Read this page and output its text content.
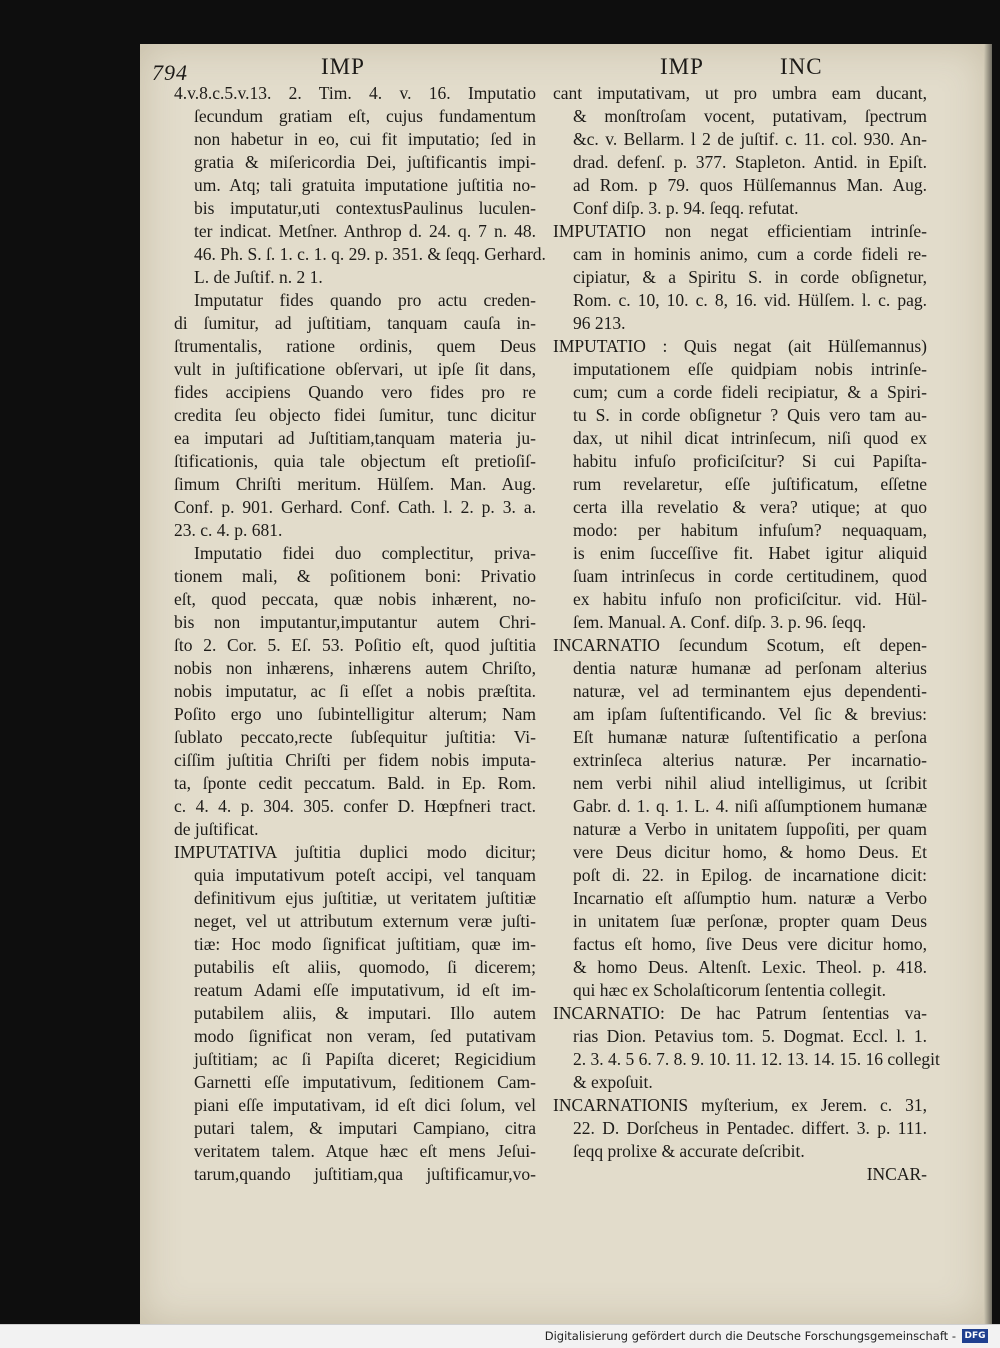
794	IMP	IMP	INC
4.v.8.c.5.v.13. 2. Tim. 4. v. 16. Imputatio
ſecundum gratiam eſt, cujus fundamentum
non habetur in eo, cui fit imputatio; ſed in
gratia & miſericordia Dei, juſtificantis impi-
um. Atq; tali gratuita imputatione juſtitia no-
bis imputatur,uti contextusPaulinus luculen-
ter indicat. Metſner. Anthrop d. 24. q. 7 n. 48.
46. Ph. S. ſ. 1. c. 1. q. 29. p. 351. & ſeqq. Gerhard.
L. de Juſtif. n. 2 1.
Imputatur fides quando pro actu creden-
di ſumitur, ad juſtitiam, tanquam cauſa in-
ſtrumentalis, ratione ordinis, quem Deus
vult in juſtificatione obſervari, ut ipſe ſit dans,
fides accipiens Quando vero fides pro re
credita ſeu objecto fidei ſumitur, tunc dicitur
ea imputari ad Juſtitiam,tanquam materia ju-
ſtificationis, quia tale objectum eſt pretioſiſ-
ſimum Chriſti meritum. Hülſem. Man. Aug.
Conf. p. 901. Gerhard. Conf. Cath. l. 2. p. 3. a.
23. c. 4. p. 681.
Imputatio fidei duo complectitur, priva-
tionem mali, & poſitionem boni: Privatio
eſt, quod peccata, quæ nobis inhærent, no-
bis non imputantur,imputantur autem Chri-
ſto 2. Cor. 5. Eſ. 53. Poſitio eſt, quod juſtitia
nobis non inhærens, inhærens autem Chriſto,
nobis imputatur, ac ſi eſſet a nobis præſtita.
Poſito ergo uno ſubintelligitur alterum; Nam
ſublato peccato,recte ſubſequitur juſtitia: Vi-
ciſſim juſtitia Chriſti per fidem nobis imputa-
ta, ſponte cedit peccatum. Bald. in Ep. Rom.
c. 4. 4. p. 304. 305. confer D. Hœpfneri tract.
de juſtificat.
IMPUTATIVA juſtitia duplici modo dicitur;
quia imputativum poteſt accipi, vel tanquam
definitivum ejus juſtitiæ, ut veritatem juſtitiæ
neget, vel ut attributum externum veræ juſti-
tiæ: Hoc modo ſignificat juſtitiam, quæ im-
putabilis eſt aliis, quomodo, ſi dicerem;
reatum Adami eſſe imputativum, id eſt im-
putabilem aliis, & imputari. Illo autem
modo ſignificat non veram, ſed putativam
juſtitiam; ac ſi Papiſta diceret; Regicidium
Garnetti eſſe imputativum, ſeditionem Cam-
piani eſſe imputativam, id eſt dici ſolum, vel
putari talem, & imputari Campiano, citra
veritatem talem. Atque hæc eſt mens Jeſui-
tarum,quando juſtitiam,qua juſtificamur,vo-
cant imputativam, ut pro umbra eam ducant,
& monſtroſam vocent, putativam, ſpectrum
&c. v. Bellarm. l 2 de juſtif. c. 11. col. 930. An-
drad. defenſ. p. 377. Stapleton. Antid. in Epiſt.
ad Rom. p 79. quos Hülſemannus Man. Aug.
Conf diſp. 3. p. 94. ſeqq. refutat.
IMPUTATIO non negat efficientiam intrinſe-
cam in hominis animo, cum a corde fideli re-
cipiatur, & a Spiritu S. in corde obſignetur,
Rom. c. 10, 10. c. 8, 16. vid. Hülſem. l. c. pag.
96 213.
IMPUTATIO : Quis negat (ait Hülſemannus)
imputationem eſſe quidpiam nobis intrinſe-
cum; cum a corde fideli recipiatur, & a Spiri-
tu S. in corde obſignetur ? Quis vero tam au-
dax, ut nihil dicat intrinſecum, niſi quod ex
habitu infuſo proficiſcitur? Si cui Papiſta-
rum revelaretur, eſſe juſtificatum, eſſetne
certa illa revelatio & vera? utique; at quo
modo: per habitum infuſum? nequaquam,
is enim ſucceſſive fit. Habet igitur aliquid
ſuam intrinſecus in corde certitudinem, quod
ex habitu infuſo non proficiſcitur. vid. Hül-
ſem. Manual. A. Conf. diſp. 3. p. 96. ſeqq.
INCARNATIO ſecundum Scotum, eſt depen-
dentia naturæ humanæ ad perſonam alterius
naturæ, vel ad terminantem ejus dependenti-
am ipſam ſuſtentificando. Vel ſic & brevius:
Eſt humanæ naturæ ſuſtentificatio a perſona
extrinſeca alterius naturæ. Per incarnatio-
nem verbi nihil aliud intelligimus, ut ſcribit
Gabr. d. 1. q. 1. L. 4. niſi aſſumptionem humanæ
naturæ a Verbo in unitatem ſuppoſiti, per quam
vere Deus dicitur homo, & homo Deus. Et
poſt di. 22. in Epilog. de incarnatione dicit:
Incarnatio eſt aſſumptio hum. naturæ a Verbo
in unitatem ſuæ perſonæ, propter quam Deus
factus eſt homo, ſive Deus vere dicitur homo,
& homo Deus. Altenſt. Lexic. Theol. p. 418.
qui hæc ex Scholaſticorum ſententia collegit.
INCARNATIO: De hac Patrum ſententias va-
rias Dion. Petavius tom. 5. Dogmat. Eccl. l. 1.
2. 3. 4. 5 6. 7. 8. 9. 10. 11. 12. 13. 14. 15. 16 collegit
& expoſuit.
INCARNATIONIS myſterium, ex Jerem. c. 31,
22. D. Dorſcheus in Pentadec. differt. 3. p. 111.
ſeqq prolixe & accurate deſcribit.
INCAR-
Digitalisierung gefördert durch die Deutsche Forschungsgemeinschaft - DFG
